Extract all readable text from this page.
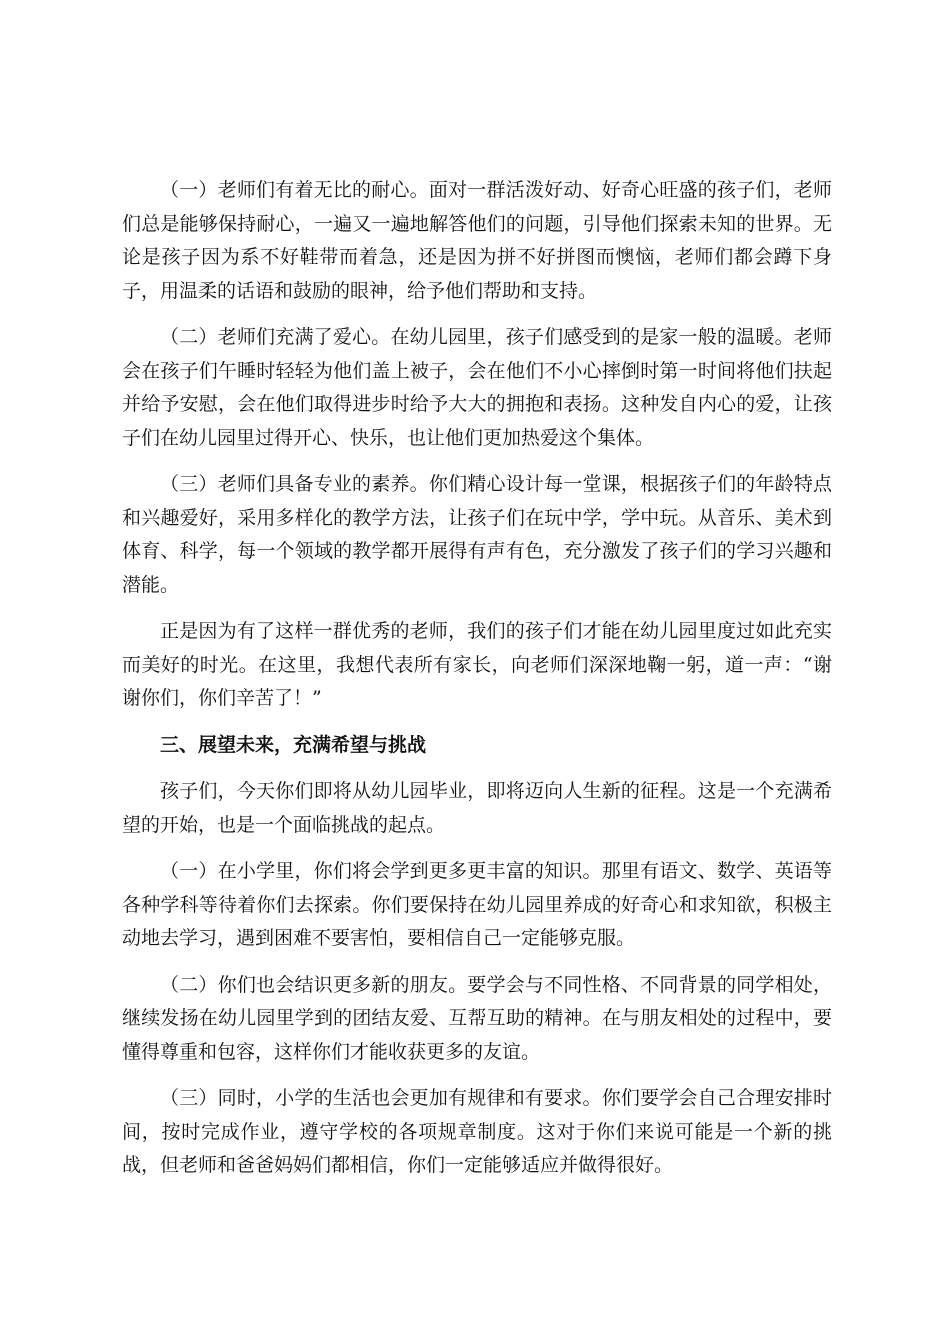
（一）老师们有着无比的耐心。面对一群活泼好动、好奇心旺盛的孩子们，老师们总是能够保持耐心，一遍又一遍地解答他们的问题，引导他们探索未知的世界。无论是孩子因为系不好鞋带而着急，还是因为拼不好拼图而懊恼，老师们都会蹲下身子，用温柔的话语和鼓励的眼神，给予他们帮助和支持。

（二）老师们充满了爱心。在幼儿园里，孩子们感受到的是家一般的温暖。老师会在孩子们午睡时轻轻为他们盖上被子，会在他们不小心摔倒时第一时间将他们扶起并给予安慰，会在他们取得进步时给予大大的拥抱和表扬。这种发自内心的爱，让孩子们在幼儿园里过得开心、快乐，也让他们更加热爱这个集体。

（三）老师们具备专业的素养。你们精心设计每一堂课，根据孩子们的年龄特点和兴趣爱好，采用多样化的教学方法，让孩子们在玩中学，学中玩。从音乐、美术到体育、科学，每一个领域的教学都开展得有声有色，充分激发了孩子们的学习兴趣和潜能。

正是因为有了这样一群优秀的老师，我们的孩子们才能在幼儿园里度过如此充实而美好的时光。在这里，我想代表所有家长，向老师们深深地鞠一躬，道一声：“谢谢你们，你们辛苦了！”

三、展望未来，充满希望与挑战

孩子们，今天你们即将从幼儿园毕业，即将迈向人生新的征程。这是一个充满希望的开始，也是一个面临挑战的起点。

（一）在小学里，你们将会学到更多更丰富的知识。那里有语文、数学、英语等各种学科等待着你们去探索。你们要保持在幼儿园里养成的好奇心和求知欲，积极主动地去学习，遇到困难不要害怕，要相信自己一定能够克服。

（二）你们也会结识更多新的朋友。要学会与不同性格、不同背景的同学相处，继续发扬在幼儿园里学到的团结友爱、互帮互助的精神。在与朋友相处的过程中，要懂得尊重和包容，这样你们才能收获更多的友谊。

（三）同时，小学的生活也会更加有规律和有要求。你们要学会自己合理安排时间，按时完成作业，遵守学校的各项规章制度。这对于你们来说可能是一个新的挑战，但老师和爸爸妈妈们都相信，你们一定能够适应并做得很好。
